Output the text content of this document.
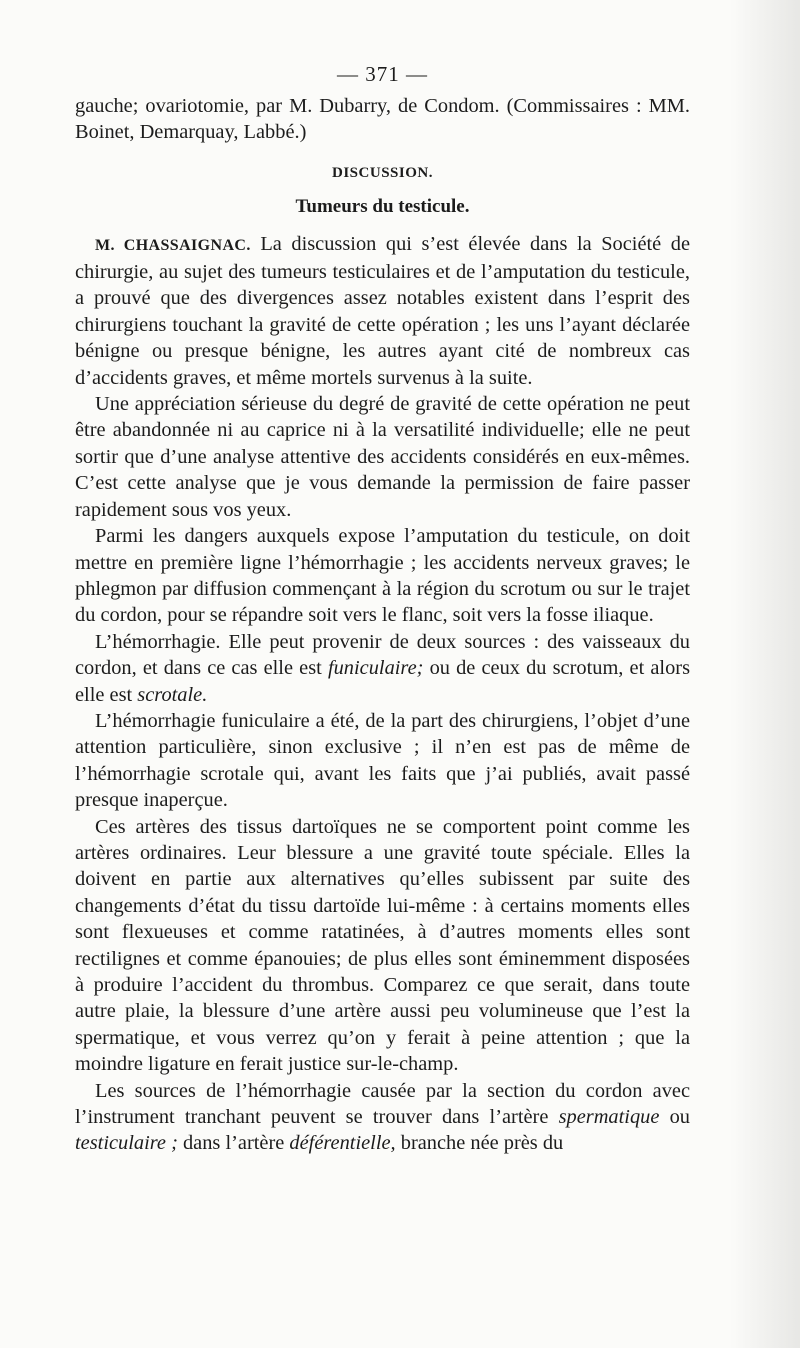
— 371 —

gauche; ovariotomie, par M. Dubarry, de Condom. (Commissaires : MM. Boinet, Demarquay, Labbé.)

DISCUSSION.

Tumeurs du testicule.

M. CHASSAIGNAC. La discussion qui s’est élevée dans la Société de chirurgie, au sujet des tumeurs testiculaires et de l’amputation du testicule, a prouvé que des divergences assez notables existent dans l’esprit des chirurgiens touchant la gravité de cette opération ; les uns l’ayant déclarée bénigne ou presque bénigne, les autres ayant cité de nombreux cas d’accidents graves, et même mortels survenus à la suite.

Une appréciation sérieuse du degré de gravité de cette opération ne peut être abandonnée ni au caprice ni à la versatilité individuelle; elle ne peut sortir que d’une analyse attentive des accidents considérés en eux-mêmes. C’est cette analyse que je vous demande la permission de faire passer rapidement sous vos yeux.

Parmi les dangers auxquels expose l’amputation du testicule, on doit mettre en première ligne l’hémorrhagie ; les accidents nerveux graves; le phlegmon par diffusion commençant à la région du scrotum ou sur le trajet du cordon, pour se répandre soit vers le flanc, soit vers la fosse iliaque.

L’hémorrhagie. Elle peut provenir de deux sources : des vaisseaux du cordon, et dans ce cas elle est funiculaire; ou de ceux du scrotum, et alors elle est scrotale.

L’hémorrhagie funiculaire a été, de la part des chirurgiens, l’objet d’une attention particulière, sinon exclusive ; il n’en est pas de même de l’hémorrhagie scrotale qui, avant les faits que j’ai publiés, avait passé presque inaperçue.

Ces artères des tissus dartoïques ne se comportent point comme les artères ordinaires. Leur blessure a une gravité toute spéciale. Elles la doivent en partie aux alternatives qu’elles subissent par suite des changements d’état du tissu dartoïde lui-même : à certains moments elles sont flexueuses et comme ratatinées, à d’autres moments elles sont rectilignes et comme épanouies; de plus elles sont éminemment disposées à produire l’accident du thrombus. Comparez ce que serait, dans toute autre plaie, la blessure d’une artère aussi peu volumineuse que l’est la spermatique, et vous verrez qu’on y ferait à peine attention ; que la moindre ligature en ferait justice sur-le-champ.

Les sources de l’hémorrhagie causée par la section du cordon avec l’instrument tranchant peuvent se trouver dans l’artère spermatique ou testiculaire ; dans l’artère déférentielle, branche née près du
